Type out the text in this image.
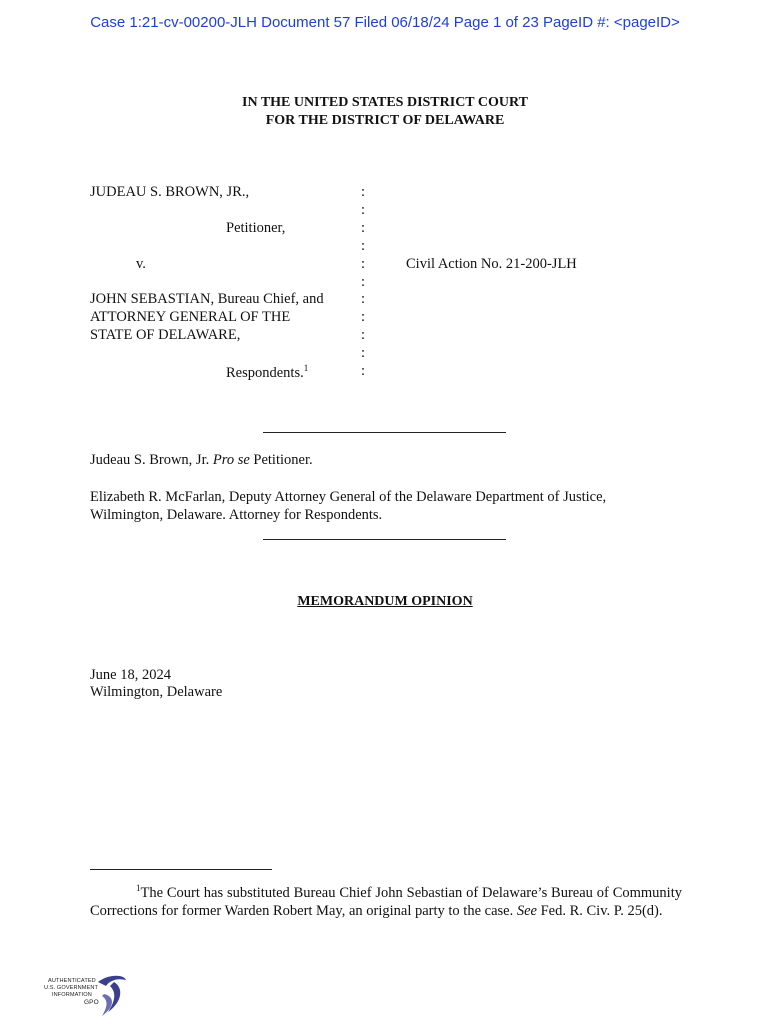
Case 1:21-cv-00200-JLH Document 57 Filed 06/18/24 Page 1 of 23 PageID #: <pageID>
IN THE UNITED STATES DISTRICT COURT
FOR THE DISTRICT OF DELAWARE
JUDEAU S. BROWN, JR.,
Petitioner,
v.
JOHN SEBASTIAN, Bureau Chief, and
ATTORNEY GENERAL OF THE
STATE OF DELAWARE,
Respondents.$^1$
:
:
:
:
:
:
:
:
:
:
:
Civil Action No. 21-200-JLH
Judeau S. Brown, Jr. Pro se Petitioner.
Elizabeth R. McFarlan, Deputy Attorney General of the Delaware Department of Justice, Wilmington, Delaware. Attorney for Respondents.
MEMORANDUM OPINION
June 18, 2024
Wilmington, Delaware
$^1$The Court has substituted Bureau Chief John Sebastian of Delaware’s Bureau of Community Corrections for former Warden Robert May, an original party to the case. See Fed. R. Civ. P. 25(d).
AUTHENTICATED
U.S. GOVERNMENT
INFORMATION
GPO
